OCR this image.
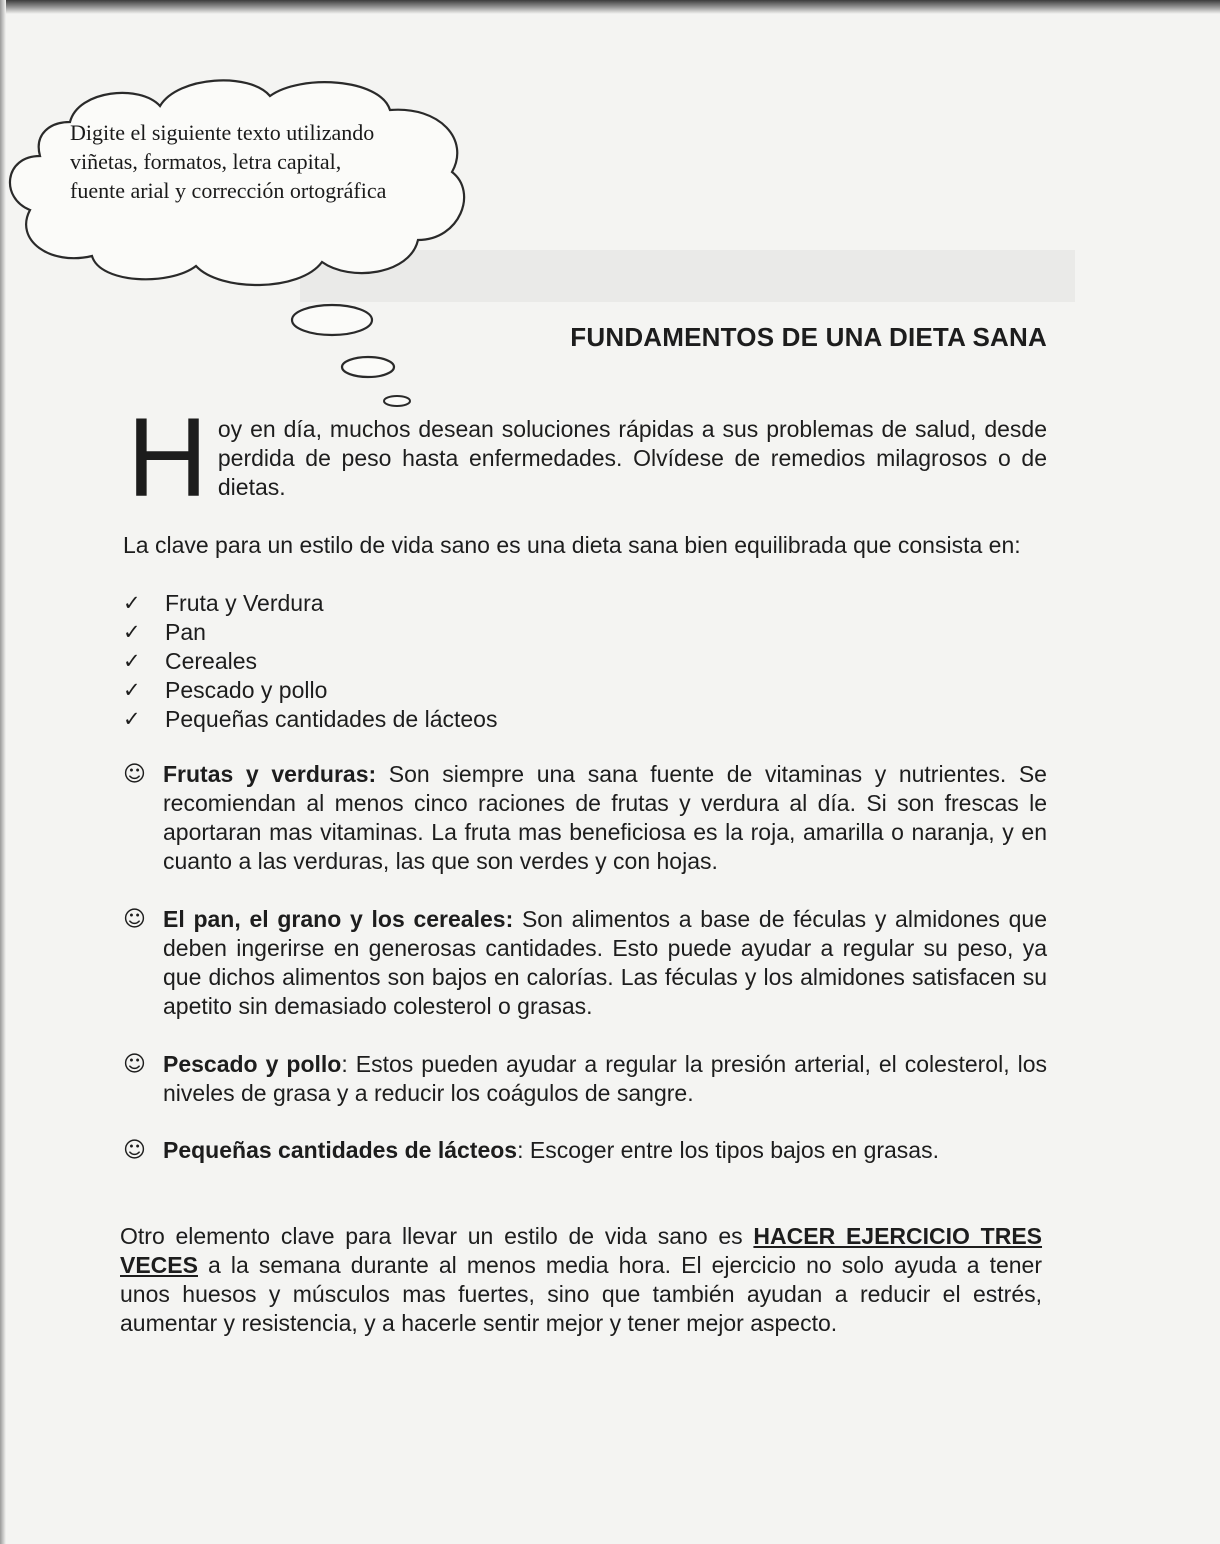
Digite el siguiente texto utilizando viñetas, formatos, letra capital, fuente arial y corrección ortográfica
FUNDAMENTOS DE UNA DIETA SANA
H oy en día, muchos desean soluciones rápidas a sus problemas de salud, desde perdida de peso hasta enfermedades. Olvídese de remedios milagrosos o de dietas.
La clave para un estilo de vida sano es una dieta sana bien equilibrada que consista en:
✓	Fruta y Verdura
✓	Pan
✓	Cereales
✓	Pescado y pollo
✓	Pequeñas cantidades de lácteos
☺ Frutas y verduras: Son siempre una sana fuente de vitaminas y nutrientes. Se recomiendan al menos cinco raciones de frutas y verdura al día. Si son frescas le aportaran mas vitaminas. La fruta mas beneficiosa es la roja, amarilla o naranja, y en cuanto a las verduras, las que son verdes y con hojas.
☺ El pan, el grano y los cereales: Son alimentos a base de féculas y almidones que deben ingerirse en generosas cantidades. Esto puede ayudar a regular su peso, ya que dichos alimentos son bajos en calorías. Las féculas y los almidones satisfacen su apetito sin demasiado colesterol o grasas.
☺ Pescado y pollo: Estos pueden ayudar a regular la presión arterial, el colesterol, los niveles de grasa y a reducir los coágulos de sangre.
☺ Pequeñas cantidades de lácteos: Escoger entre los tipos bajos en grasas.
Otro elemento clave para llevar un estilo de vida sano es HACER EJERCICIO TRES VECES a la semana durante al menos media hora. El ejercicio no solo ayuda a tener unos huesos y músculos mas fuertes, sino que también ayudan a reducir el estrés, aumentar y resistencia, y a hacerle sentir mejor y tener mejor aspecto.
